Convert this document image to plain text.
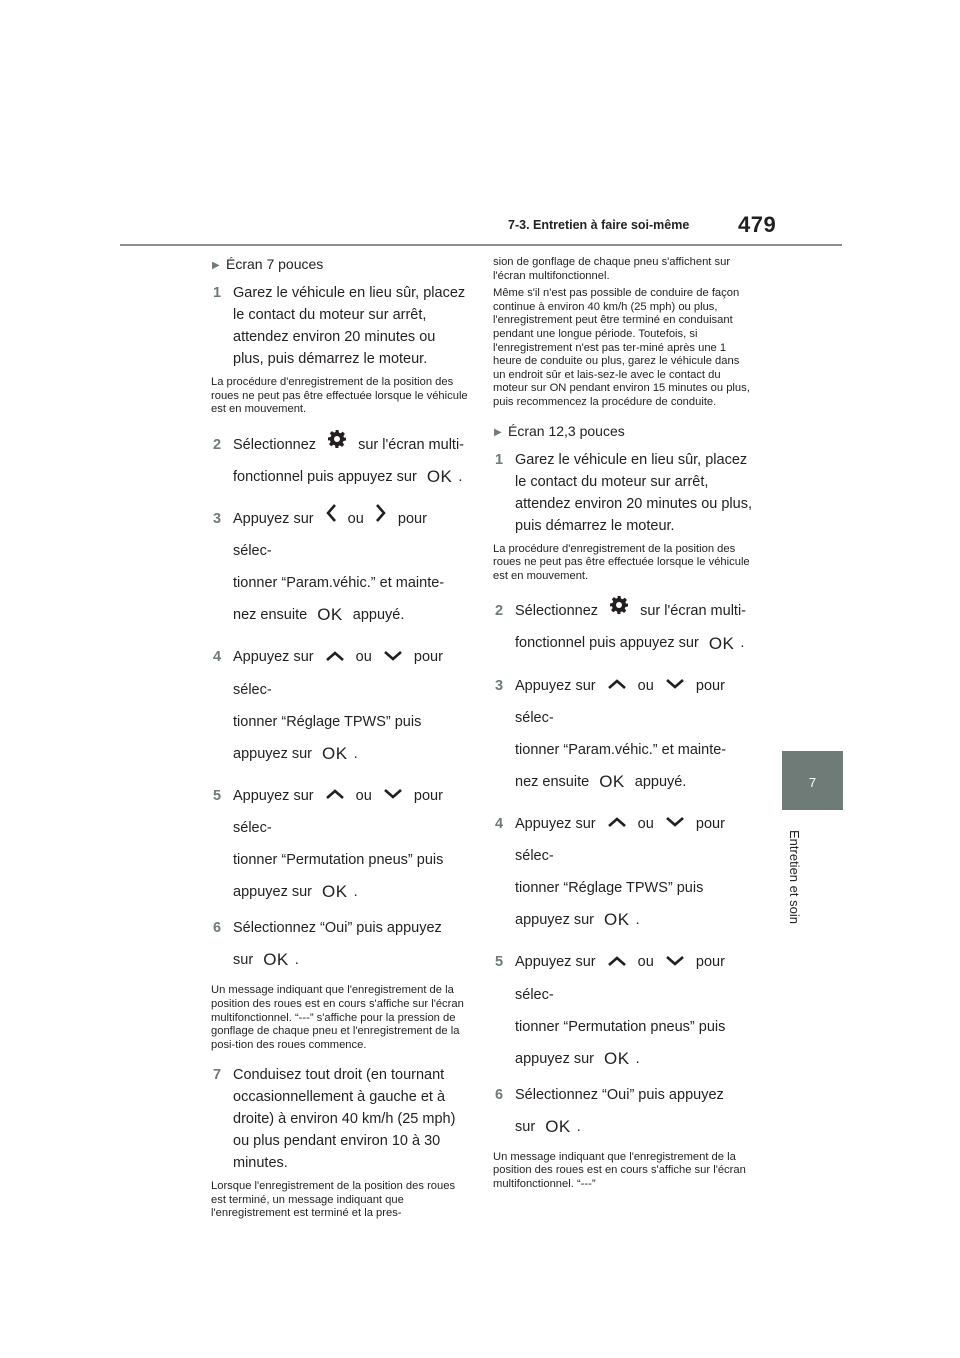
7-3. Entretien à faire soi-même 479
7
Entretien et soin
▶ Écran 7 pouces
1 Garez le véhicule en lieu sûr, placez le contact du moteur sur arrêt, attendez environ 20 minutes ou plus, puis démarrez le moteur.
La procédure d'enregistrement de la position des roues ne peut pas être effectuée lorsque le véhicule est en mouvement.
2 Sélectionnez	sur l'écran multi-
fonctionnel puis appuyez sur OK .
3 Appuyez sur ou pour sélec-
tionner “Param.véhic.” et mainte-
nez ensuite OK appuyé.
4 Appuyez sur	ou	pour sélec-
tionner “Réglage TPWS” puis
appuyez sur OK .
5 Appuyez sur	ou	pour sélec-
tionner “Permutation pneus” puis
appuyez sur OK .
6 Sélectionnez “Oui” puis appuyez
sur OK .
Un message indiquant que l'enregistrement de la position des roues est en cours s'affiche sur l'écran multifonctionnel. “---” s'affiche pour la pression de gonflage de chaque pneu et l'enregistrement de la posi-tion des roues commence.
7 Conduisez tout droit (en tournant occasionnellement à gauche et à droite) à environ 40 km/h (25 mph) ou plus pendant environ 10 à 30 minutes.
Lorsque l'enregistrement de la position des roues est terminé, un message indiquant que l'enregistrement est terminé et la pres-
sion de gonflage de chaque pneu s'affichent sur l'écran multifonctionnel.
Même s'il n'est pas possible de conduire de façon continue à environ 40 km/h (25 mph) ou plus, l'enregistrement peut être terminé en conduisant pendant une longue période. Toutefois, si l'enregistrement n'est pas ter-miné après une 1 heure de conduite ou plus, garez le véhicule dans un endroit sûr et lais-sez-le avec le contact du moteur sur ON pendant environ 15 minutes ou plus, puis recommencez la procédure de conduite.
▶ Écran 12,3 pouces
1 Garez le véhicule en lieu sûr, placez le contact du moteur sur arrêt, attendez environ 20 minutes ou plus, puis démarrez le moteur.
La procédure d'enregistrement de la position des roues ne peut pas être effectuée lorsque le véhicule est en mouvement.
2 Sélectionnez	sur l'écran multi-
fonctionnel puis appuyez sur OK .
3 Appuyez sur	ou	pour sélec-
tionner “Param.véhic.” et mainte-
nez ensuite OK appuyé.
4 Appuyez sur	ou	pour sélec-
tionner “Réglage TPWS” puis
appuyez sur OK .
5 Appuyez sur	ou	pour sélec-
tionner “Permutation pneus” puis
appuyez sur OK .
6 Sélectionnez “Oui” puis appuyez
sur OK .
Un message indiquant que l'enregistrement de la position des roues est en cours s'affiche sur l'écran multifonctionnel. “---”
